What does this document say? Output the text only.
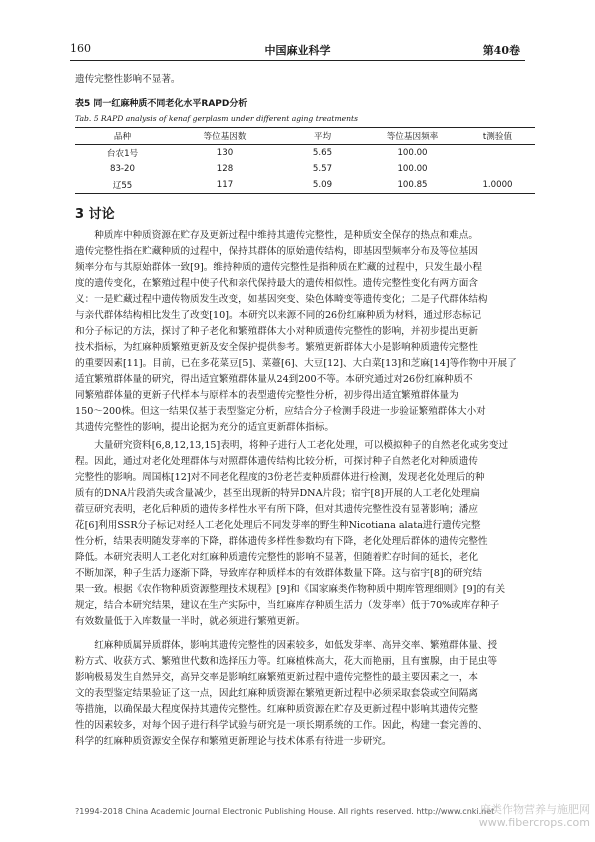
160	中国麻业科学	第40卷
遗传完整性影响不显著。
表5 同一红麻种质不同老化水平RAPD分析
Tab. 5 RAPD analysis of kenaf gerplasm under different aging treatments
品种	等位基因数	平均	等位基因频率	t测验值
台农1号	130	5.65	100.00	
83-20	128	5.57	100.00	
辽55	117	5.09	100.85	1.0000
3 讨论
种质库中种质资源在贮存及更新过程中维持其遗传完整性，是种质安全保存的热点和难点。
遗传完整性指在贮藏种质的过程中，保持其群体的原始遗传结构，即基因型频率分布及等位基因
频率分布与其原始群体一致[9]。维持种质的遗传完整性是指种质在贮藏的过程中，只发生最小程
度的遗传变化，在繁殖过程中使子代和亲代保持最大的遗传相似性。遗传完整性变化有两方面含
义：一是贮藏过程中遗传物质发生改变，如基因突变、染色体畸变等遗传变化；二是子代群体结构
与亲代群体结构相比发生了改变[10]。本研究以来源不同的26份红麻种质为材料，通过形态标记
和分子标记的方法，探讨了种子老化和繁殖群体大小对种质遗传完整性的影响，并初步提出更新
技术指标，为红麻种质繁殖更新及安全保护提供参考。繁殖更新群体大小是影响种质遗传完整性
的重要因素[11]。目前，已在多花菜豆[5]、菜薹[6]、大豆[12]、大白菜[13]和芝麻[14]等作物中开展了
适宜繁殖群体量的研究，得出适宜繁殖群体量从24到200不等。本研究通过对26份红麻种质不
同繁殖群体量的更新子代样本与原样本的表型遗传完整性分析，初步得出适宜繁殖群体量为
150～200株。但这一结果仅基于表型鉴定分析，应结合分子检测手段进一步验证繁殖群体大小对
其遗传完整性的影响，提出论据为充分的适宜更新群体指标。
大量研究资料[6,8,12,13,15]表明，将种子进行人工老化处理，可以模拟种子的自然老化或劣变过
程。因此，通过对老化处理群体与对照群体遗传结构比较分析，可探讨种子自然老化对种质遗传
完整性的影响。周国栋[12]对不同老化程度的3份老芒麦种质群体进行检测，发现老化处理后的种
质有的DNA片段消失或含量减少，甚至出现新的特异DNA片段；宿宇[8]开展的人工老化处理扁
蓿豆研究表明，老化后种质的遗传多样性水平有所下降，但对其遗传完整性没有显著影响；潘应
花[6]利用SSR分子标记对经人工老化处理后不同发芽率的野生种Nicotiana alata进行遗传完整
性分析，结果表明随发芽率的下降，群体遗传多样性参数均有下降，老化处理后群体的遗传完整性
降低。本研究表明人工老化对红麻种质遗传完整性的影响不显著，但随着贮存时间的延长，老化
不断加深，种子生活力逐渐下降，导致库存种质样本的有效群体数量下降。这与宿宇[8]的研究结
果一致。根据《农作物种质资源整理技术规程》[9]和《国家麻类作物种质中期库管理细则》[9]的有关
规定，结合本研究结果，建议在生产实际中，当红麻库存种质生活力（发芽率）低于70%或库存种子
有效数量低于入库数量一半时，就必须进行繁殖更新。
红麻种质属异质群体，影响其遗传完整性的因素较多，如低发芽率、高异交率、繁殖群体量、授
粉方式、收获方式、繁殖世代数和选择压力等。红麻植株高大，花大而艳丽，且有蜜腺，由于昆虫等
影响极易发生自然异交，高异交率是影响红麻繁殖更新过程中遗传完整性的最主要因素之一，本
文的表型鉴定结果验证了这一点，因此红麻种质资源在繁殖更新过程中必须采取套袋或空间隔离
等措施，以确保最大程度保持其遗传完整性。红麻种质资源在贮存及更新过程中影响其遗传完整
性的因素较多，对每个因子进行科学试验与研究是一项长期系统的工作。因此，构建一套完善的、
科学的红麻种质资源安全保存和繁殖更新理论与技术体系有待进一步研究。
?1994-2018 China Academic Journal Electronic Publishing House. All rights reserved. http://www.cnki.net
麻类作物营养与施肥网
www.fibercrops.com
